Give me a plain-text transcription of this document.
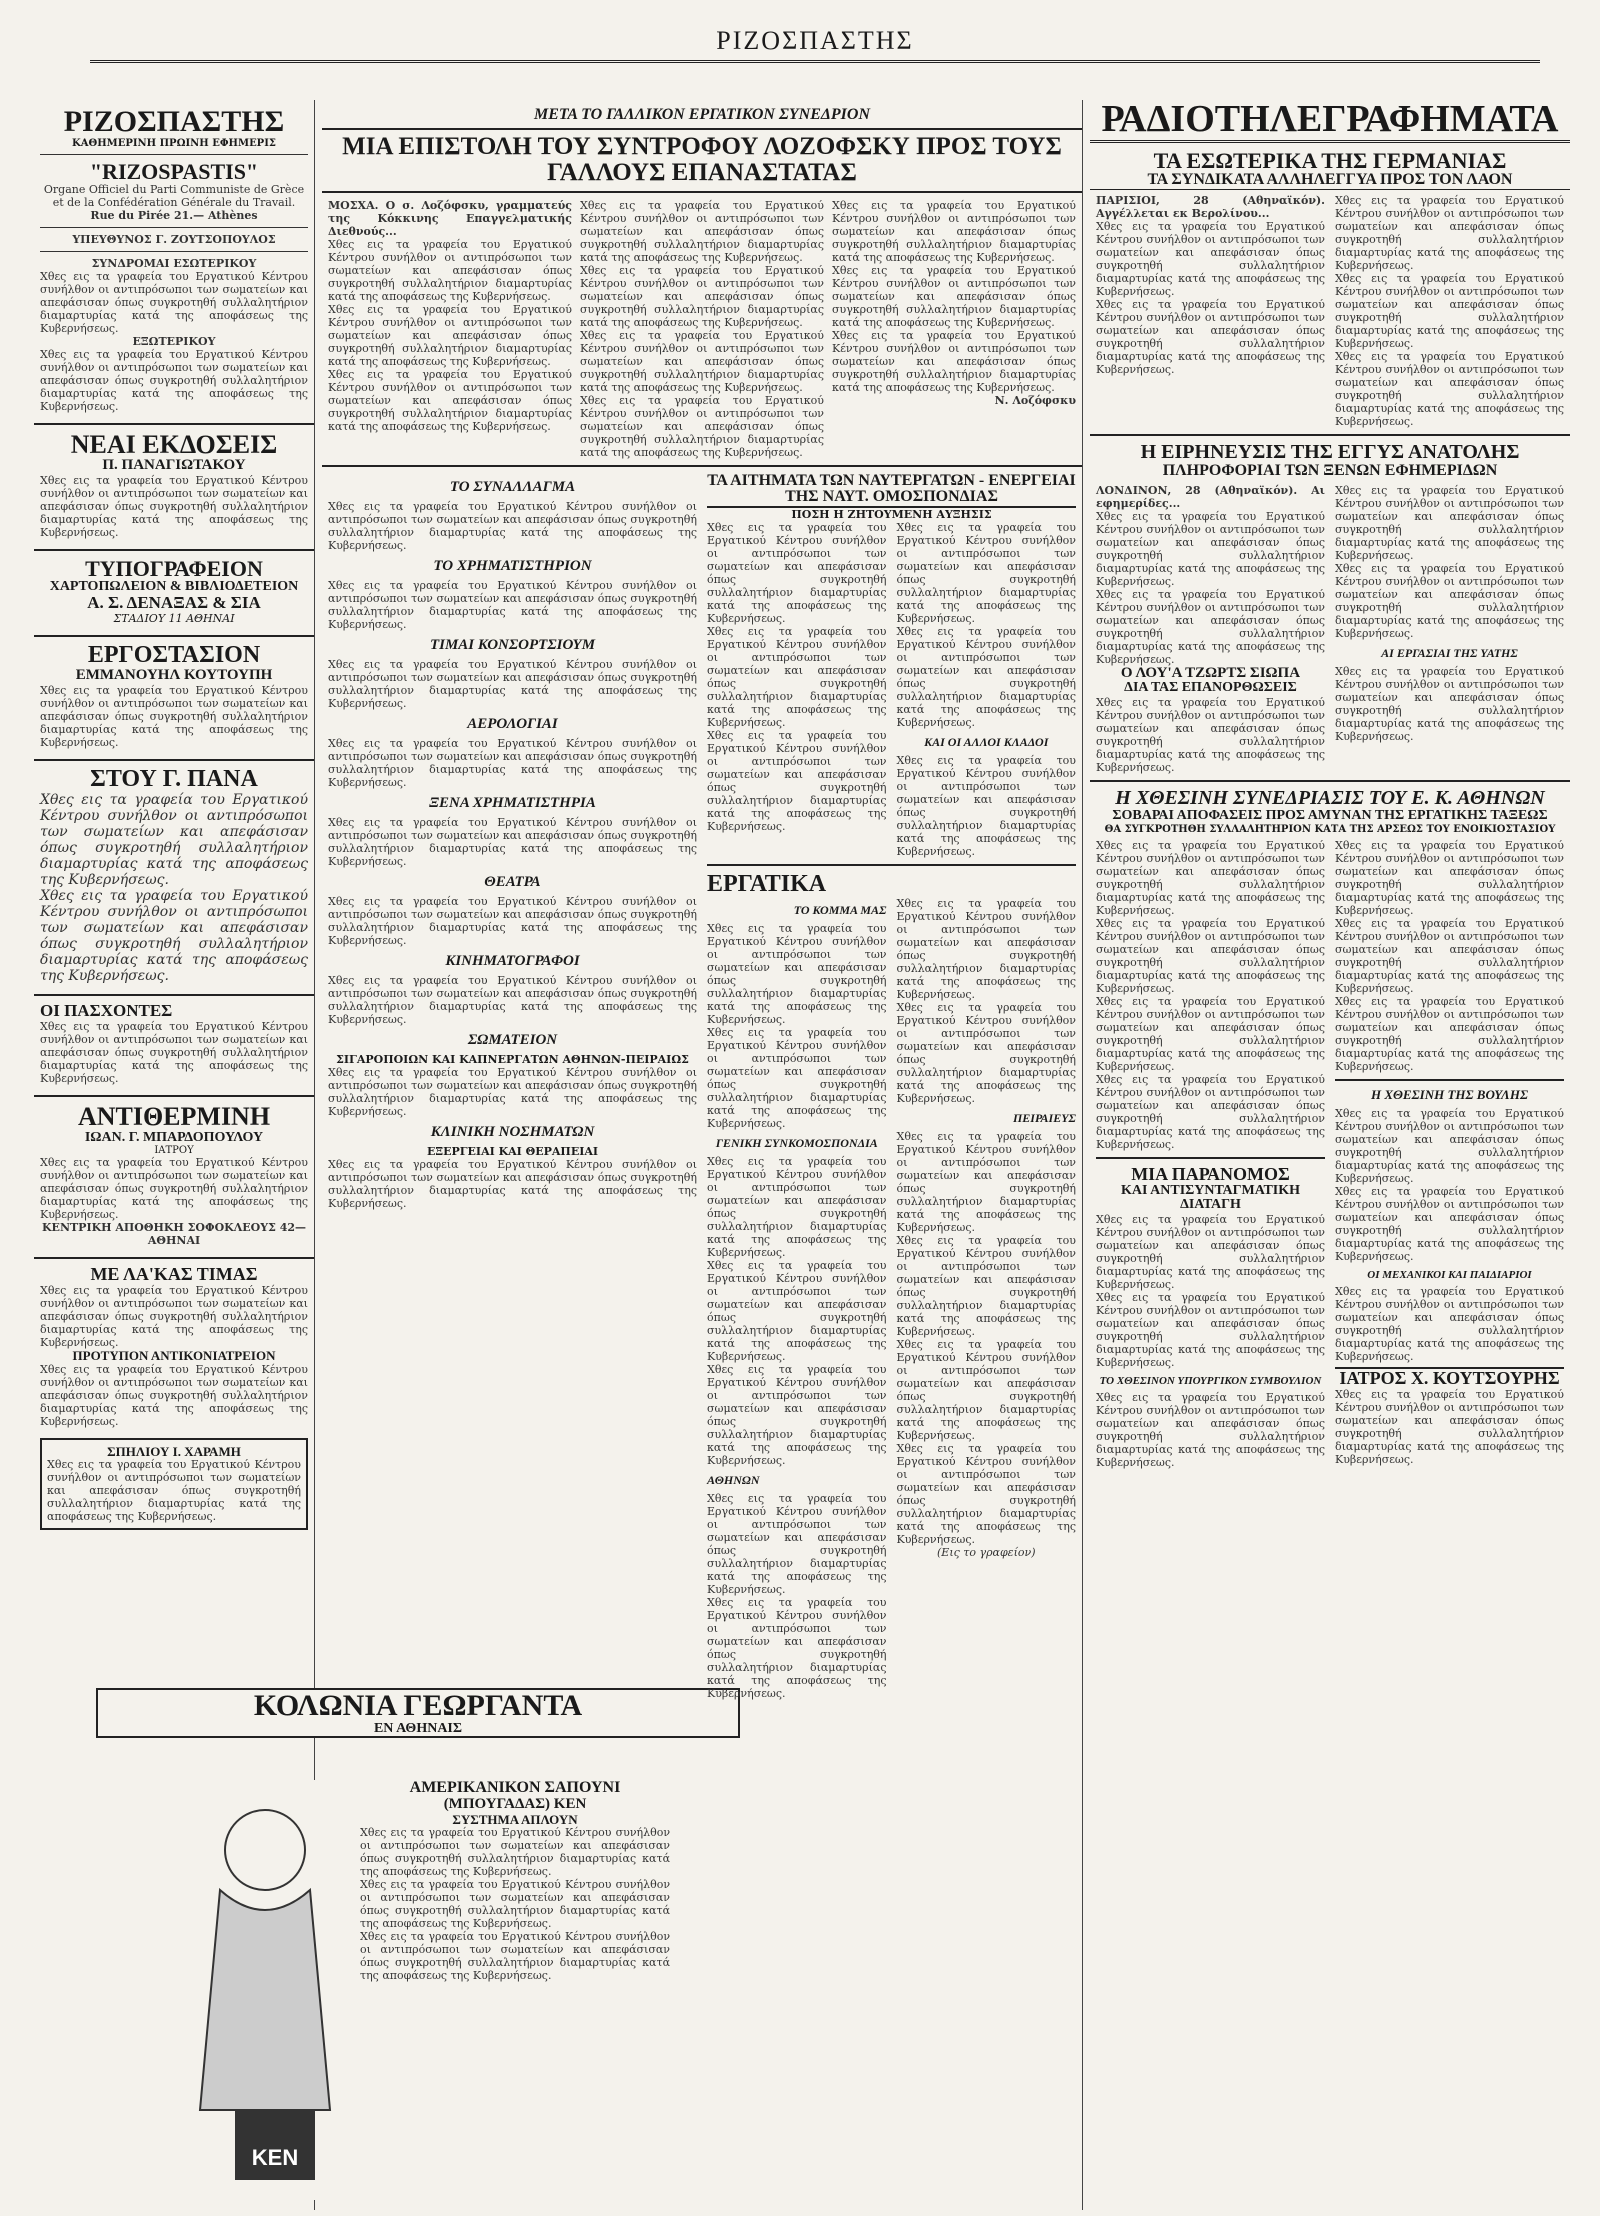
ΡΙΖΟΣΠΑΣΤΗΣ
ΡΙΖΟΣΠΑΣΤΗΣ
ΚΑΘΗΜΕΡΙΝΗ ΠΡΩΙΝΗ ΕΦΗΜΕΡΙΣ
"RIZOSPASTIS"

Organe Officiel du Parti Communiste de Grèce et de la Confédération Générale du Travail.

Rue du Pirée 21.— Athènes

ΥΠΕΥΘΥΝΟΣ Γ. ΖΟΥΤΣΟΠΟΥΛΟΣ

ΣΥΝΔΡΟΜΑΙ ΕΣΩΤΕΡΙΚΟΥ

Χθες εις τα γραφεία του Εργατικού Κέντρου συνήλθον οι αντιπρόσωποι των σωματείων και απεφάσισαν όπως συγκροτηθή συλλαλητήριον διαμαρτυρίας κατά της αποφάσεως της Κυβερνήσεως.

ΕΞΩΤΕΡΙΚΟΥ

Χθες εις τα γραφεία του Εργατικού Κέντρου συνήλθον οι αντιπρόσωποι των σωματείων και απεφάσισαν όπως συγκροτηθή συλλαλητήριον διαμαρτυρίας κατά της αποφάσεως της Κυβερνήσεως.

ΝΕΑΙ ΕΚΔΟΣΕΙΣ
Π. ΠΑΝΑΓΙΩΤΑΚΟΥ

Χθες εις τα γραφεία του Εργατικού Κέντρου συνήλθον οι αντιπρόσωποι των σωματείων και απεφάσισαν όπως συγκροτηθή συλλαλητήριον διαμαρτυρίας κατά της αποφάσεως της Κυβερνήσεως.

ΤΥΠΟΓΡΑΦΕΙΟΝ
ΧΑΡΤΟΠΩΛΕΙΟΝ & ΒΙΒΛΙΟΔΕΤΕΙΟΝ
Α. Σ. ΔΕΝΑΞΑΣ & ΣΙΑ
ΣΤΑΔΙΟΥ 11 ΑΘΗΝΑΙ
ΕΡΓΟΣΤΑΣΙΟΝ
ΕΜΜΑΝΟΥΗΛ ΚΟΥΤΟΥΠΗ

Χθες εις τα γραφεία του Εργατικού Κέντρου συνήλθον οι αντιπρόσωποι των σωματείων και απεφάσισαν όπως συγκροτηθή συλλαλητήριον διαμαρτυρίας κατά της αποφάσεως της Κυβερνήσεως.

ΣΤΟΥ Γ. ΠΑΝΑ

Χθες εις τα γραφεία του Εργατικού Κέντρου συνήλθον οι αντιπρόσωποι των σωματείων και απεφάσισαν όπως συγκροτηθή συλλαλητήριον διαμαρτυρίας κατά της αποφάσεως της Κυβερνήσεως.

Χθες εις τα γραφεία του Εργατικού Κέντρου συνήλθον οι αντιπρόσωποι των σωματείων και απεφάσισαν όπως συγκροτηθή συλλαλητήριον διαμαρτυρίας κατά της αποφάσεως της Κυβερνήσεως.

ΟΙ ΠΑΣΧΟΝΤΕΣ

Χθες εις τα γραφεία του Εργατικού Κέντρου συνήλθον οι αντιπρόσωποι των σωματείων και απεφάσισαν όπως συγκροτηθή συλλαλητήριον διαμαρτυρίας κατά της αποφάσεως της Κυβερνήσεως.

ΑΝΤΙΘΕΡΜΙΝΗ
ΙΩΑΝ. Γ. ΜΠΑΡΔΟΠΟΥΛΟΥ
ΙΑΤΡΟΥ

Χθες εις τα γραφεία του Εργατικού Κέντρου συνήλθον οι αντιπρόσωποι των σωματείων και απεφάσισαν όπως συγκροτηθή συλλαλητήριον διαμαρτυρίας κατά της αποφάσεως της Κυβερνήσεως.

ΚΕΝΤΡΙΚΗ ΑΠΟΘΗΚΗ ΣΟΦΟΚΛΕΟΥΣ 42—ΑΘΗΝΑΙ

ΜΕ ΛΑ'ΚΑΣ ΤΙΜΑΣ

Χθες εις τα γραφεία του Εργατικού Κέντρου συνήλθον οι αντιπρόσωποι των σωματείων και απεφάσισαν όπως συγκροτηθή συλλαλητήριον διαμαρτυρίας κατά της αποφάσεως της Κυβερνήσεως.

ΠΡΟΤΥΠΟΝ ΑΝΤΙΚΟΝΙΑΤΡΕΙΟΝ

Χθες εις τα γραφεία του Εργατικού Κέντρου συνήλθον οι αντιπρόσωποι των σωματείων και απεφάσισαν όπως συγκροτηθή συλλαλητήριον διαμαρτυρίας κατά της αποφάσεως της Κυβερνήσεως.

ΣΠΗΛΙΟΥ Ι. ΧΑΡΑΜΗ

Χθες εις τα γραφεία του Εργατικού Κέντρου συνήλθον οι αντιπρόσωποι των σωματείων και απεφάσισαν όπως συγκροτηθή συλλαλητήριον διαμαρτυρίας κατά της αποφάσεως της Κυβερνήσεως.

ΚΟΛΩΝΙΑ ΓΕΩΡΓΑΝΤΑ
ΕΝ ΑΘΗΝΑΙΣ
KEN
ΑΜΕΡΙΚΑΝΙΚΟΝ ΣΑΠΟΥΝΙ
(ΜΠΟΥΓΑΔΑΣ) ΚΕΝ
ΣΥΣΤΗΜΑ ΑΠΛΟΥΝ

Χθες εις τα γραφεία του Εργατικού Κέντρου συνήλθον οι αντιπρόσωποι των σωματείων και απεφάσισαν όπως συγκροτηθή συλλαλητήριον διαμαρτυρίας κατά της αποφάσεως της Κυβερνήσεως.

Χθες εις τα γραφεία του Εργατικού Κέντρου συνήλθον οι αντιπρόσωποι των σωματείων και απεφάσισαν όπως συγκροτηθή συλλαλητήριον διαμαρτυρίας κατά της αποφάσεως της Κυβερνήσεως.

Χθες εις τα γραφεία του Εργατικού Κέντρου συνήλθον οι αντιπρόσωποι των σωματείων και απεφάσισαν όπως συγκροτηθή συλλαλητήριον διαμαρτυρίας κατά της αποφάσεως της Κυβερνήσεως.

ΜΕΤΑ ΤΟ ΓΑΛΛΙΚΟΝ ΕΡΓΑΤΙΚΟΝ ΣΥΝΕΔΡΙΟΝ
ΜΙΑ ΕΠΙΣΤΟΛΗ ΤΟΥ ΣΥΝΤΡΟΦΟΥ ΛΟΖΟΦΣΚΥ ΠΡΟΣ ΤΟΥΣ ΓΑΛΛΟΥΣ ΕΠΑΝΑΣΤΑΤΑΣ

ΜΟΣΧΑ. Ο σ. Λοζόφσκυ, γραμματεύς της Κόκκινης Επαγγελματικής Διεθνούς...

Χθες εις τα γραφεία του Εργατικού Κέντρου συνήλθον οι αντιπρόσωποι των σωματείων και απεφάσισαν όπως συγκροτηθή συλλαλητήριον διαμαρτυρίας κατά της αποφάσεως της Κυβερνήσεως.

Χθες εις τα γραφεία του Εργατικού Κέντρου συνήλθον οι αντιπρόσωποι των σωματείων και απεφάσισαν όπως συγκροτηθή συλλαλητήριον διαμαρτυρίας κατά της αποφάσεως της Κυβερνήσεως.

Χθες εις τα γραφεία του Εργατικού Κέντρου συνήλθον οι αντιπρόσωποι των σωματείων και απεφάσισαν όπως συγκροτηθή συλλαλητήριον διαμαρτυρίας κατά της αποφάσεως της Κυβερνήσεως.

Χθες εις τα γραφεία του Εργατικού Κέντρου συνήλθον οι αντιπρόσωποι των σωματείων και απεφάσισαν όπως συγκροτηθή συλλαλητήριον διαμαρτυρίας κατά της αποφάσεως της Κυβερνήσεως.

Χθες εις τα γραφεία του Εργατικού Κέντρου συνήλθον οι αντιπρόσωποι των σωματείων και απεφάσισαν όπως συγκροτηθή συλλαλητήριον διαμαρτυρίας κατά της αποφάσεως της Κυβερνήσεως.

Χθες εις τα γραφεία του Εργατικού Κέντρου συνήλθον οι αντιπρόσωποι των σωματείων και απεφάσισαν όπως συγκροτηθή συλλαλητήριον διαμαρτυρίας κατά της αποφάσεως της Κυβερνήσεως.

Χθες εις τα γραφεία του Εργατικού Κέντρου συνήλθον οι αντιπρόσωποι των σωματείων και απεφάσισαν όπως συγκροτηθή συλλαλητήριον διαμαρτυρίας κατά της αποφάσεως της Κυβερνήσεως.

Χθες εις τα γραφεία του Εργατικού Κέντρου συνήλθον οι αντιπρόσωποι των σωματείων και απεφάσισαν όπως συγκροτηθή συλλαλητήριον διαμαρτυρίας κατά της αποφάσεως της Κυβερνήσεως.

Χθες εις τα γραφεία του Εργατικού Κέντρου συνήλθον οι αντιπρόσωποι των σωματείων και απεφάσισαν όπως συγκροτηθή συλλαλητήριον διαμαρτυρίας κατά της αποφάσεως της Κυβερνήσεως.

Χθες εις τα γραφεία του Εργατικού Κέντρου συνήλθον οι αντιπρόσωποι των σωματείων και απεφάσισαν όπως συγκροτηθή συλλαλητήριον διαμαρτυρίας κατά της αποφάσεως της Κυβερνήσεως.

Ν. Λοζόφσκυ

ΤΟ ΣΥΝΑΛΛΑΓΜΑ

Χθες εις τα γραφεία του Εργατικού Κέντρου συνήλθον οι αντιπρόσωποι των σωματείων και απεφάσισαν όπως συγκροτηθή συλλαλητήριον διαμαρτυρίας κατά της αποφάσεως της Κυβερνήσεως.

ΤΟ ΧΡΗΜΑΤΙΣΤΗΡΙΟΝ

Χθες εις τα γραφεία του Εργατικού Κέντρου συνήλθον οι αντιπρόσωποι των σωματείων και απεφάσισαν όπως συγκροτηθή συλλαλητήριον διαμαρτυρίας κατά της αποφάσεως της Κυβερνήσεως.

ΤΙΜΑΙ ΚΟΝΣΟΡΤΣΙΟΥΜ

Χθες εις τα γραφεία του Εργατικού Κέντρου συνήλθον οι αντιπρόσωποι των σωματείων και απεφάσισαν όπως συγκροτηθή συλλαλητήριον διαμαρτυρίας κατά της αποφάσεως της Κυβερνήσεως.

ΑΕΡΟΛΟΓΙΑΙ

Χθες εις τα γραφεία του Εργατικού Κέντρου συνήλθον οι αντιπρόσωποι των σωματείων και απεφάσισαν όπως συγκροτηθή συλλαλητήριον διαμαρτυρίας κατά της αποφάσεως της Κυβερνήσεως.

ΞΕΝΑ ΧΡΗΜΑΤΙΣΤΗΡΙΑ

Χθες εις τα γραφεία του Εργατικού Κέντρου συνήλθον οι αντιπρόσωποι των σωματείων και απεφάσισαν όπως συγκροτηθή συλλαλητήριον διαμαρτυρίας κατά της αποφάσεως της Κυβερνήσεως.

ΘΕΑΤΡΑ

Χθες εις τα γραφεία του Εργατικού Κέντρου συνήλθον οι αντιπρόσωποι των σωματείων και απεφάσισαν όπως συγκροτηθή συλλαλητήριον διαμαρτυρίας κατά της αποφάσεως της Κυβερνήσεως.

ΚΙΝΗΜΑΤΟΓΡΑΦΟΙ

Χθες εις τα γραφεία του Εργατικού Κέντρου συνήλθον οι αντιπρόσωποι των σωματείων και απεφάσισαν όπως συγκροτηθή συλλαλητήριον διαμαρτυρίας κατά της αποφάσεως της Κυβερνήσεως.

ΣΩΜΑΤΕΙΟΝ
ΣΙΓΑΡΟΠΟΙΩΝ ΚΑΙ ΚΑΠΝΕΡΓΑΤΩΝ ΑΘΗΝΩΝ-ΠΕΙΡΑΙΩΣ

Χθες εις τα γραφεία του Εργατικού Κέντρου συνήλθον οι αντιπρόσωποι των σωματείων και απεφάσισαν όπως συγκροτηθή συλλαλητήριον διαμαρτυρίας κατά της αποφάσεως της Κυβερνήσεως.

ΚΛΙΝΙΚΗ ΝΟΣΗΜΑΤΩΝ
ΕΞΕΡΓΕΙΑΙ ΚΑΙ ΘΕΡΑΠΕΙΑΙ

Χθες εις τα γραφεία του Εργατικού Κέντρου συνήλθον οι αντιπρόσωποι των σωματείων και απεφάσισαν όπως συγκροτηθή συλλαλητήριον διαμαρτυρίας κατά της αποφάσεως της Κυβερνήσεως.

ΤΑ ΑΙΤΗΜΑΤΑ ΤΩΝ ΝΑΥΤΕΡΓΑΤΩΝ - ΕΝΕΡΓΕΙΑΙ ΤΗΣ ΝΑΥΤ. ΟΜΟΣΠΟΝΔΙΑΣ
ΠΟΣΗ Η ΖΗΤΟΥΜΕΝΗ ΑΥΞΗΣΙΣ

Χθες εις τα γραφεία του Εργατικού Κέντρου συνήλθον οι αντιπρόσωποι των σωματείων και απεφάσισαν όπως συγκροτηθή συλλαλητήριον διαμαρτυρίας κατά της αποφάσεως της Κυβερνήσεως.

Χθες εις τα γραφεία του Εργατικού Κέντρου συνήλθον οι αντιπρόσωποι των σωματείων και απεφάσισαν όπως συγκροτηθή συλλαλητήριον διαμαρτυρίας κατά της αποφάσεως της Κυβερνήσεως.

Χθες εις τα γραφεία του Εργατικού Κέντρου συνήλθον οι αντιπρόσωποι των σωματείων και απεφάσισαν όπως συγκροτηθή συλλαλητήριον διαμαρτυρίας κατά της αποφάσεως της Κυβερνήσεως.

Χθες εις τα γραφεία του Εργατικού Κέντρου συνήλθον οι αντιπρόσωποι των σωματείων και απεφάσισαν όπως συγκροτηθή συλλαλητήριον διαμαρτυρίας κατά της αποφάσεως της Κυβερνήσεως.

Χθες εις τα γραφεία του Εργατικού Κέντρου συνήλθον οι αντιπρόσωποι των σωματείων και απεφάσισαν όπως συγκροτηθή συλλαλητήριον διαμαρτυρίας κατά της αποφάσεως της Κυβερνήσεως.

ΚΑΙ ΟΙ ΑΛΛΟΙ ΚΛΑΔΟΙ

Χθες εις τα γραφεία του Εργατικού Κέντρου συνήλθον οι αντιπρόσωποι των σωματείων και απεφάσισαν όπως συγκροτηθή συλλαλητήριον διαμαρτυρίας κατά της αποφάσεως της Κυβερνήσεως.

ΕΡΓΑΤΙΚΑ
ΤΟ ΚΟΜΜΑ ΜΑΣ

Χθες εις τα γραφεία του Εργατικού Κέντρου συνήλθον οι αντιπρόσωποι των σωματείων και απεφάσισαν όπως συγκροτηθή συλλαλητήριον διαμαρτυρίας κατά της αποφάσεως της Κυβερνήσεως.

Χθες εις τα γραφεία του Εργατικού Κέντρου συνήλθον οι αντιπρόσωποι των σωματείων και απεφάσισαν όπως συγκροτηθή συλλαλητήριον διαμαρτυρίας κατά της αποφάσεως της Κυβερνήσεως.

ΓΕΝΙΚΗ ΣΥΝΚΟΜΟΣΠΟΝΔΙΑ

Χθες εις τα γραφεία του Εργατικού Κέντρου συνήλθον οι αντιπρόσωποι των σωματείων και απεφάσισαν όπως συγκροτηθή συλλαλητήριον διαμαρτυρίας κατά της αποφάσεως της Κυβερνήσεως.

Χθες εις τα γραφεία του Εργατικού Κέντρου συνήλθον οι αντιπρόσωποι των σωματείων και απεφάσισαν όπως συγκροτηθή συλλαλητήριον διαμαρτυρίας κατά της αποφάσεως της Κυβερνήσεως.

Χθες εις τα γραφεία του Εργατικού Κέντρου συνήλθον οι αντιπρόσωποι των σωματείων και απεφάσισαν όπως συγκροτηθή συλλαλητήριον διαμαρτυρίας κατά της αποφάσεως της Κυβερνήσεως.

ΑΘΗΝΩΝ

Χθες εις τα γραφεία του Εργατικού Κέντρου συνήλθον οι αντιπρόσωποι των σωματείων και απεφάσισαν όπως συγκροτηθή συλλαλητήριον διαμαρτυρίας κατά της αποφάσεως της Κυβερνήσεως.

Χθες εις τα γραφεία του Εργατικού Κέντρου συνήλθον οι αντιπρόσωποι των σωματείων και απεφάσισαν όπως συγκροτηθή συλλαλητήριον διαμαρτυρίας κατά της αποφάσεως της Κυβερνήσεως.

Χθες εις τα γραφεία του Εργατικού Κέντρου συνήλθον οι αντιπρόσωποι των σωματείων και απεφάσισαν όπως συγκροτηθή συλλαλητήριον διαμαρτυρίας κατά της αποφάσεως της Κυβερνήσεως.

Χθες εις τα γραφεία του Εργατικού Κέντρου συνήλθον οι αντιπρόσωποι των σωματείων και απεφάσισαν όπως συγκροτηθή συλλαλητήριον διαμαρτυρίας κατά της αποφάσεως της Κυβερνήσεως.

ΠΕΙΡΑΙΕΥΣ

Χθες εις τα γραφεία του Εργατικού Κέντρου συνήλθον οι αντιπρόσωποι των σωματείων και απεφάσισαν όπως συγκροτηθή συλλαλητήριον διαμαρτυρίας κατά της αποφάσεως της Κυβερνήσεως.

Χθες εις τα γραφεία του Εργατικού Κέντρου συνήλθον οι αντιπρόσωποι των σωματείων και απεφάσισαν όπως συγκροτηθή συλλαλητήριον διαμαρτυρίας κατά της αποφάσεως της Κυβερνήσεως.

Χθες εις τα γραφεία του Εργατικού Κέντρου συνήλθον οι αντιπρόσωποι των σωματείων και απεφάσισαν όπως συγκροτηθή συλλαλητήριον διαμαρτυρίας κατά της αποφάσεως της Κυβερνήσεως.

Χθες εις τα γραφεία του Εργατικού Κέντρου συνήλθον οι αντιπρόσωποι των σωματείων και απεφάσισαν όπως συγκροτηθή συλλαλητήριον διαμαρτυρίας κατά της αποφάσεως της Κυβερνήσεως.

(Εις το γραφείον)

ΡΑΔΙΟΤΗΛΕΓΡΑΦΗΜΑΤΑ
ΤΑ ΕΣΩΤΕΡΙΚΑ ΤΗΣ ΓΕΡΜΑΝΙΑΣ
ΤΑ ΣΥΝΔΙΚΑΤΑ ΑΛΛΗΛΕΓΓΥΑ ΠΡΟΣ ΤΟΝ ΛΑΟΝ

ΠΑΡΙΣΙΟΙ, 28 (Αθηναϊκόν). Αγγέλλεται εκ Βερολίνου...

Χθες εις τα γραφεία του Εργατικού Κέντρου συνήλθον οι αντιπρόσωποι των σωματείων και απεφάσισαν όπως συγκροτηθή συλλαλητήριον διαμαρτυρίας κατά της αποφάσεως της Κυβερνήσεως.

Χθες εις τα γραφεία του Εργατικού Κέντρου συνήλθον οι αντιπρόσωποι των σωματείων και απεφάσισαν όπως συγκροτηθή συλλαλητήριον διαμαρτυρίας κατά της αποφάσεως της Κυβερνήσεως.

Χθες εις τα γραφεία του Εργατικού Κέντρου συνήλθον οι αντιπρόσωποι των σωματείων και απεφάσισαν όπως συγκροτηθή συλλαλητήριον διαμαρτυρίας κατά της αποφάσεως της Κυβερνήσεως.

Χθες εις τα γραφεία του Εργατικού Κέντρου συνήλθον οι αντιπρόσωποι των σωματείων και απεφάσισαν όπως συγκροτηθή συλλαλητήριον διαμαρτυρίας κατά της αποφάσεως της Κυβερνήσεως.

Χθες εις τα γραφεία του Εργατικού Κέντρου συνήλθον οι αντιπρόσωποι των σωματείων και απεφάσισαν όπως συγκροτηθή συλλαλητήριον διαμαρτυρίας κατά της αποφάσεως της Κυβερνήσεως.

Η ΕΙΡΗΝΕΥΣΙΣ ΤΗΣ ΕΓΓΥΣ ΑΝΑΤΟΛΗΣ
ΠΛΗΡΟΦΟΡΙΑΙ ΤΩΝ ΞΕΝΩΝ ΕΦΗΜΕΡΙΔΩΝ

ΛΟΝΔΙΝΟΝ, 28 (Αθηναϊκόν). Αι εφημερίδες...

Χθες εις τα γραφεία του Εργατικού Κέντρου συνήλθον οι αντιπρόσωποι των σωματείων και απεφάσισαν όπως συγκροτηθή συλλαλητήριον διαμαρτυρίας κατά της αποφάσεως της Κυβερνήσεως.

Χθες εις τα γραφεία του Εργατικού Κέντρου συνήλθον οι αντιπρόσωποι των σωματείων και απεφάσισαν όπως συγκροτηθή συλλαλητήριον διαμαρτυρίας κατά της αποφάσεως της Κυβερνήσεως.

Ο ΛΟΥ'Α ΤΖΩΡΤΣ ΣΙΩΠΑ
ΔΙΑ ΤΑΣ ΕΠΑΝΟΡΘΩΣΕΙΣ

Χθες εις τα γραφεία του Εργατικού Κέντρου συνήλθον οι αντιπρόσωποι των σωματείων και απεφάσισαν όπως συγκροτηθή συλλαλητήριον διαμαρτυρίας κατά της αποφάσεως της Κυβερνήσεως.

Χθες εις τα γραφεία του Εργατικού Κέντρου συνήλθον οι αντιπρόσωποι των σωματείων και απεφάσισαν όπως συγκροτηθή συλλαλητήριον διαμαρτυρίας κατά της αποφάσεως της Κυβερνήσεως.

Χθες εις τα γραφεία του Εργατικού Κέντρου συνήλθον οι αντιπρόσωποι των σωματείων και απεφάσισαν όπως συγκροτηθή συλλαλητήριον διαμαρτυρίας κατά της αποφάσεως της Κυβερνήσεως.

ΑΙ ΕΡΓΑΣΙΑΙ ΤΗΣ ΥΑΤΗΣ

Χθες εις τα γραφεία του Εργατικού Κέντρου συνήλθον οι αντιπρόσωποι των σωματείων και απεφάσισαν όπως συγκροτηθή συλλαλητήριον διαμαρτυρίας κατά της αποφάσεως της Κυβερνήσεως.

Η ΧΘΕΣΙΝΗ ΣΥΝΕΔΡΙΑΣΙΣ ΤΟΥ Ε. Κ. ΑΘΗΝΩΝ
ΣΟΒΑΡΑΙ ΑΠΟΦΑΣΕΙΣ ΠΡΟΣ ΑΜΥΝΑΝ ΤΗΣ ΕΡΓΑΤΙΚΗΣ ΤΑΞΕΩΣ
ΘΑ ΣΥΓΚΡΟΤΗΘΗ ΣΥΛΛΑΛΗΤΗΡΙΟΝ ΚΑΤΑ ΤΗΣ ΑΡΣΕΩΣ ΤΟΥ ΕΝΟΙΚΙΟΣΤΑΣΙΟΥ

Χθες εις τα γραφεία του Εργατικού Κέντρου συνήλθον οι αντιπρόσωποι των σωματείων και απεφάσισαν όπως συγκροτηθή συλλαλητήριον διαμαρτυρίας κατά της αποφάσεως της Κυβερνήσεως.

Χθες εις τα γραφεία του Εργατικού Κέντρου συνήλθον οι αντιπρόσωποι των σωματείων και απεφάσισαν όπως συγκροτηθή συλλαλητήριον διαμαρτυρίας κατά της αποφάσεως της Κυβερνήσεως.

Χθες εις τα γραφεία του Εργατικού Κέντρου συνήλθον οι αντιπρόσωποι των σωματείων και απεφάσισαν όπως συγκροτηθή συλλαλητήριον διαμαρτυρίας κατά της αποφάσεως της Κυβερνήσεως.

Χθες εις τα γραφεία του Εργατικού Κέντρου συνήλθον οι αντιπρόσωποι των σωματείων και απεφάσισαν όπως συγκροτηθή συλλαλητήριον διαμαρτυρίας κατά της αποφάσεως της Κυβερνήσεως.

ΜΙΑ ΠΑΡΑΝΟΜΟΣ
ΚΑΙ ΑΝΤΙΣΥΝΤΑΓΜΑΤΙΚΗ ΔΙΑΤΑΓΗ

Χθες εις τα γραφεία του Εργατικού Κέντρου συνήλθον οι αντιπρόσωποι των σωματείων και απεφάσισαν όπως συγκροτηθή συλλαλητήριον διαμαρτυρίας κατά της αποφάσεως της Κυβερνήσεως.

Χθες εις τα γραφεία του Εργατικού Κέντρου συνήλθον οι αντιπρόσωποι των σωματείων και απεφάσισαν όπως συγκροτηθή συλλαλητήριον διαμαρτυρίας κατά της αποφάσεως της Κυβερνήσεως.

ΤΟ ΧΘΕΣΙΝΟΝ ΥΠΟΥΡΓΙΚΟΝ ΣΥΜΒΟΥΛΙΟΝ

Χθες εις τα γραφεία του Εργατικού Κέντρου συνήλθον οι αντιπρόσωποι των σωματείων και απεφάσισαν όπως συγκροτηθή συλλαλητήριον διαμαρτυρίας κατά της αποφάσεως της Κυβερνήσεως.

Χθες εις τα γραφεία του Εργατικού Κέντρου συνήλθον οι αντιπρόσωποι των σωματείων και απεφάσισαν όπως συγκροτηθή συλλαλητήριον διαμαρτυρίας κατά της αποφάσεως της Κυβερνήσεως.

Χθες εις τα γραφεία του Εργατικού Κέντρου συνήλθον οι αντιπρόσωποι των σωματείων και απεφάσισαν όπως συγκροτηθή συλλαλητήριον διαμαρτυρίας κατά της αποφάσεως της Κυβερνήσεως.

Χθες εις τα γραφεία του Εργατικού Κέντρου συνήλθον οι αντιπρόσωποι των σωματείων και απεφάσισαν όπως συγκροτηθή συλλαλητήριον διαμαρτυρίας κατά της αποφάσεως της Κυβερνήσεως.

Η ΧΘΕΣΙΝΗ ΤΗΣ ΒΟΥΛΗΣ

Χθες εις τα γραφεία του Εργατικού Κέντρου συνήλθον οι αντιπρόσωποι των σωματείων και απεφάσισαν όπως συγκροτηθή συλλαλητήριον διαμαρτυρίας κατά της αποφάσεως της Κυβερνήσεως.

Χθες εις τα γραφεία του Εργατικού Κέντρου συνήλθον οι αντιπρόσωποι των σωματείων και απεφάσισαν όπως συγκροτηθή συλλαλητήριον διαμαρτυρίας κατά της αποφάσεως της Κυβερνήσεως.

ΟΙ ΜΕΧΑΝΙΚΟΙ ΚΑΙ ΠΑΙΔΙΑΡΙΟΙ

Χθες εις τα γραφεία του Εργατικού Κέντρου συνήλθον οι αντιπρόσωποι των σωματείων και απεφάσισαν όπως συγκροτηθή συλλαλητήριον διαμαρτυρίας κατά της αποφάσεως της Κυβερνήσεως.

ΙΑΤΡΟΣ Χ. ΚΟΥΤΣΟΥΡΗΣ

Χθες εις τα γραφεία του Εργατικού Κέντρου συνήλθον οι αντιπρόσωποι των σωματείων και απεφάσισαν όπως συγκροτηθή συλλαλητήριον διαμαρτυρίας κατά της αποφάσεως της Κυβερνήσεως.
